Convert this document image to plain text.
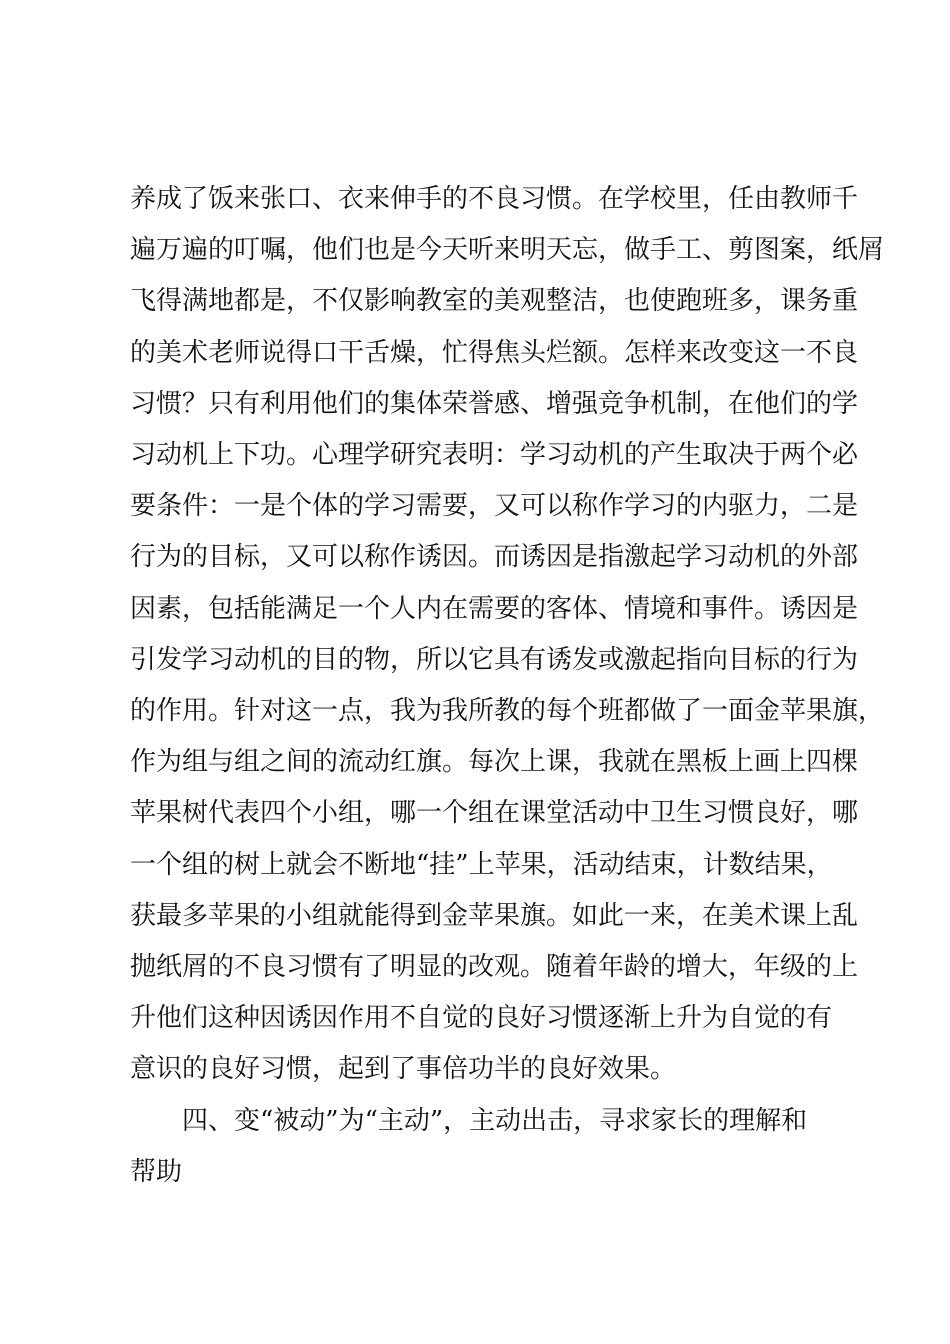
养成了饭来张口、衣来伸手的不良习惯。在学校里，任由教师千
遍万遍的叮嘱，他们也是今天听来明天忘，做手工、剪图案，纸屑
飞得满地都是，不仅影响教室的美观整洁，也使跑班多，课务重
的美术老师说得口干舌燥，忙得焦头烂额。怎样来改变这一不良
习惯？只有利用他们的集体荣誉感、增强竞争机制，在他们的学
习动机上下功。心理学研究表明：学习动机的产生取决于两个必
要条件：一是个体的学习需要，又可以称作学习的内驱力，二是
行为的目标，又可以称作诱因。而诱因是指激起学习动机的外部
因素，包括能满足一个人内在需要的客体、情境和事件。诱因是
引发学习动机的目的物，所以它具有诱发或激起指向目标的行为
的作用。针对这一点，我为我所教的每个班都做了一面金苹果旗，
作为组与组之间的流动红旗。每次上课，我就在黑板上画上四棵
苹果树代表四个小组，哪一个组在课堂活动中卫生习惯良好，哪
一个组的树上就会不断地“挂”上苹果，活动结束，计数结果，
获最多苹果的小组就能得到金苹果旗。如此一来，在美术课上乱
抛纸屑的不良习惯有了明显的改观。随着年龄的增大，年级的上
升他们这种因诱因作用不自觉的良好习惯逐渐上升为自觉的有
意识的良好习惯，起到了事倍功半的良好效果。
四、变“被动”为“主动”，主动出击，寻求家长的理解和
帮助
